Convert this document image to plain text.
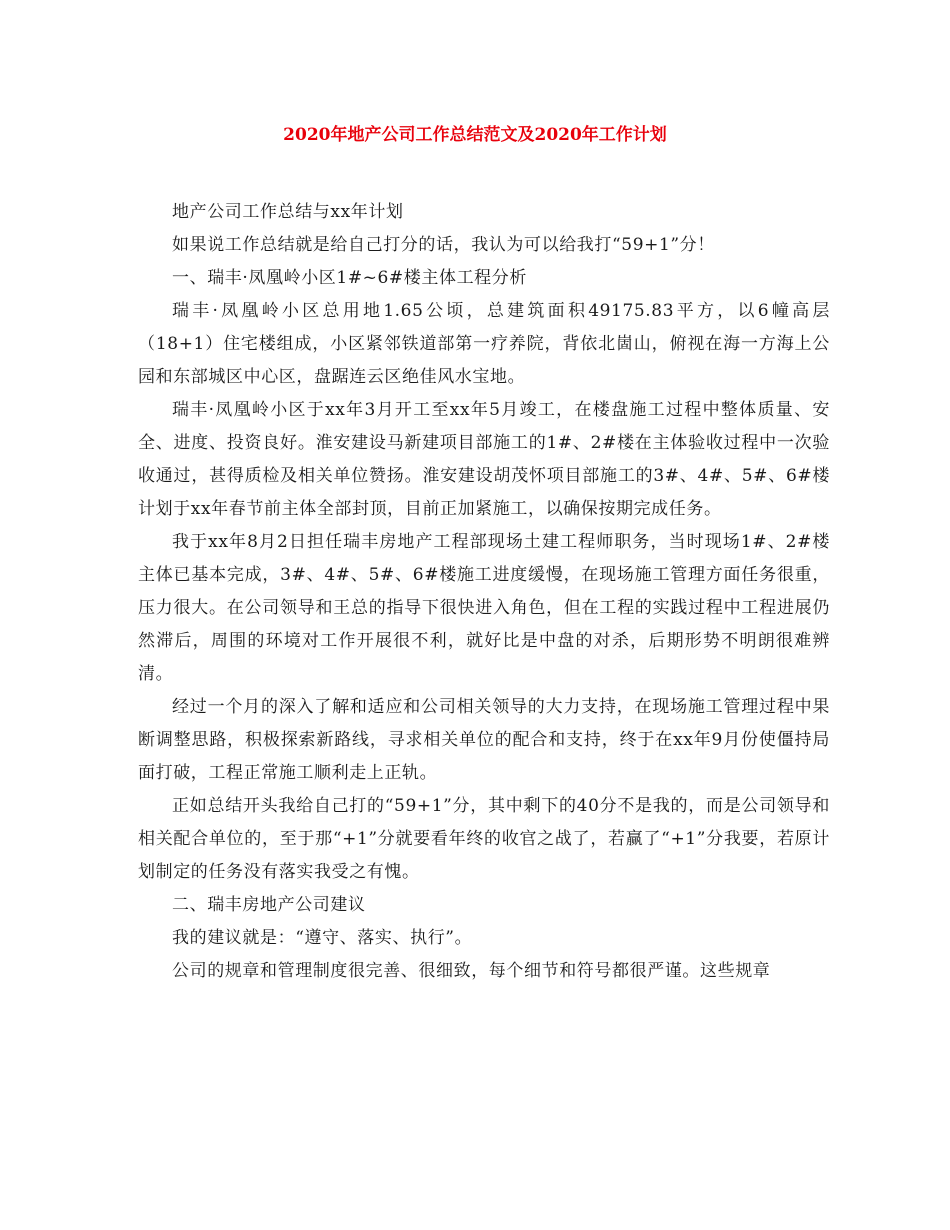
2020年地产公司工作总结范文及2020年工作计划

地产公司工作总结与xx年计划

如果说工作总结就是给自己打分的话，我认为可以给我打“59+1”分！

一、瑞丰·凤凰岭小区1#~6#楼主体工程分析

瑞丰·凤凰岭小区总用地1.65公顷，总建筑面积49175.83平方，以6幢高层（18+1）住宅楼组成，小区紧邻铁道部第一疗养院，背依北崮山，俯视在海一方海上公园和东部城区中心区，盘踞连云区绝佳风水宝地。

瑞丰·凤凰岭小区于xx年3月开工至xx年5月竣工，在楼盘施工过程中整体质量、安全、进度、投资良好。淮安建设马新建项目部施工的1#、2#楼在主体验收过程中一次验收通过，甚得质检及相关单位赞扬。淮安建设胡茂怀项目部施工的3#、4#、5#、6#楼计划于xx年春节前主体全部封顶，目前正加紧施工，以确保按期完成任务。

我于xx年8月2日担任瑞丰房地产工程部现场土建工程师职务，当时现场1#、2#楼主体已基本完成，3#、4#、5#、6#楼施工进度缓慢，在现场施工管理方面任务很重，压力很大。在公司领导和王总的指导下很快进入角色，但在工程的实践过程中工程进展仍然滞后，周围的环境对工作开展很不利，就好比是中盘的对杀，后期形势不明朗很难辨清。

经过一个月的深入了解和适应和公司相关领导的大力支持，在现场施工管理过程中果断调整思路，积极探索新路线，寻求相关单位的配合和支持，终于在xx年9月份使僵持局面打破，工程正常施工顺利走上正轨。

正如总结开头我给自己打的“59+1”分，其中剩下的40分不是我的，而是公司领导和相关配合单位的，至于那“+1”分就要看年终的收官之战了，若赢了“+1”分我要，若原计划制定的任务没有落实我受之有愧。

二、瑞丰房地产公司建议

我的建议就是：“遵守、落实、执行”。

公司的规章和管理制度很完善、很细致，每个细节和符号都很严谨。这些规章
